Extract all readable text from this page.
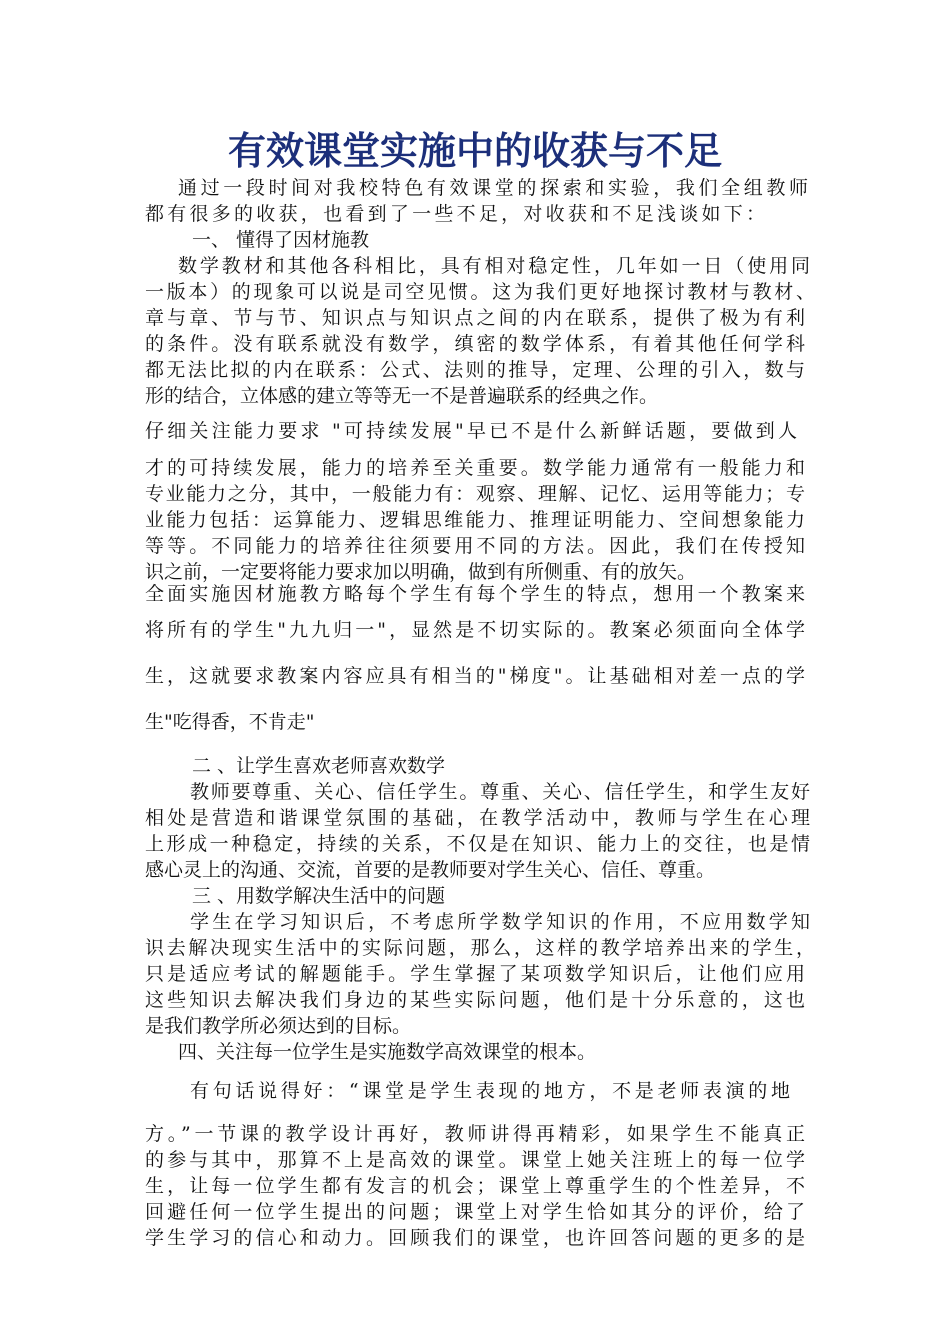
有效课堂实施中的收获与不足
通过一段时间对我校特色有效课堂的探索和实验，我们全组教师
都有很多的收获，也看到了一些不足，对收获和不足浅谈如下：
一、 懂得了因材施教
数学教材和其他各科相比，具有相对稳定性，几年如一日（使用同
一版本）的现象可以说是司空见惯。这为我们更好地探讨教材与教材、
章与章、节与节、知识点与知识点之间的内在联系，提供了极为有利
的条件。没有联系就没有数学，缜密的数学体系，有着其他任何学科
都无法比拟的内在联系：公式、法则的推导，定理、公理的引入，数与
形的结合，立体感的建立等等无一不是普遍联系的经典之作。
仔细关注能力要求 "可持续发展"早已不是什么新鲜话题，要做到人
才的可持续发展，能力的培养至关重要。数学能力通常有一般能力和
专业能力之分，其中，一般能力有：观察、理解、记忆、运用等能力；专
业能力包括：运算能力、逻辑思维能力、推理证明能力、空间想象能力
等等。不同能力的培养往往须要用不同的方法。因此，我们在传授知
识之前，一定要将能力要求加以明确，做到有所侧重、有的放矢。
全面实施因材施教方略每个学生有每个学生的特点，想用一个教案来
将所有的学生"九九归一"，显然是不切实际的。教案必须面向全体学
生，这就要求教案内容应具有相当的"梯度"。让基础相对差一点的学
生"吃得香，不肯走"
二 、让学生喜欢老师喜欢数学
教师要尊重、关心、信任学生。尊重、关心、信任学生，和学生友好
相处是营造和谐课堂氛围的基础，在教学活动中，教师与学生在心理
上形成一种稳定，持续的关系，不仅是在知识、能力上的交往，也是情
感心灵上的沟通、交流，首要的是教师要对学生关心、信任、尊重。
三 、用数学解决生活中的问题
学生在学习知识后，不考虑所学数学知识的作用，不应用数学知
识去解决现实生活中的实际问题，那么，这样的教学培养出来的学生，
只是适应考试的解题能手。学生掌握了某项数学知识后，让他们应用
这些知识去解决我们身边的某些实际问题，他们是十分乐意的，这也
是我们教学所必须达到的目标。
四、关注每一位学生是实施数学高效课堂的根本。
有句话说得好：“课堂是学生表现的地方，不是老师表演的地
方。”一节课的教学设计再好，教师讲得再精彩，如果学生不能真正
的参与其中，那算不上是高效的课堂。课堂上她关注班上的每一位学
生，让每一位学生都有发言的机会；课堂上尊重学生的个性差异，不
回避任何一位学生提出的问题；课堂上对学生恰如其分的评价，给了
学生学习的信心和动力。回顾我们的课堂，也许回答问题的更多的是
